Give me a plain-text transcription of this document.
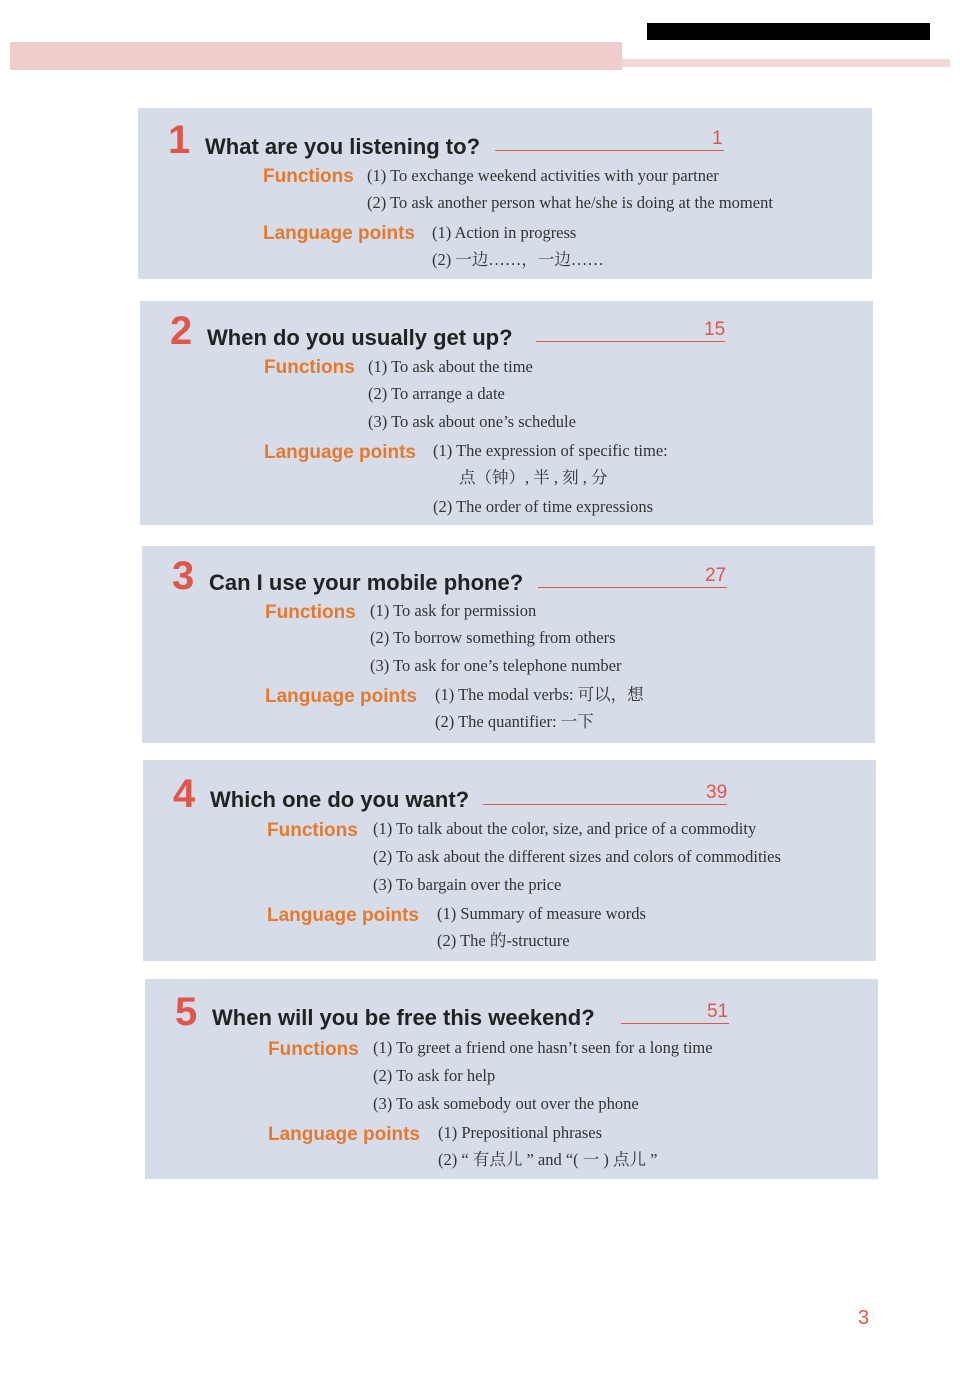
1 What are you listening to?	1
Functions (1) To exchange weekend activities with your partner
(2) To ask another person what he/she is doing at the moment
Language points (1) Action in progress
(2) 一边……，一边……
2 When do you usually get up?	15
Functions (1) To ask about the time
(2) To arrange a date
(3) To ask about one’s schedule
Language points (1) The expression of specific time:
点（钟）, 半 , 刻 , 分
(2) The order of time expressions
3 Can I use your mobile phone?	27
Functions (1) To ask for permission
(2) To borrow something from others
(3) To ask for one’s telephone number
Language points (1) The modal verbs: 可以，想
(2) The quantifier: 一下
4 Which one do you want?	39
Functions (1) To talk about the color, size, and price of a commodity
(2) To ask about the different sizes and colors of commodities
(3) To bargain over the price
Language points (1) Summary of measure words
(2) The 的-structure
5 When will you be free this weekend?	51
Functions (1) To greet a friend one hasn’t seen for a long time
(2) To ask for help
(3) To ask somebody out over the phone
Language points (1) Prepositional phrases
(2) “ 有点儿 ” and “( 一 ) 点儿 ”
3
